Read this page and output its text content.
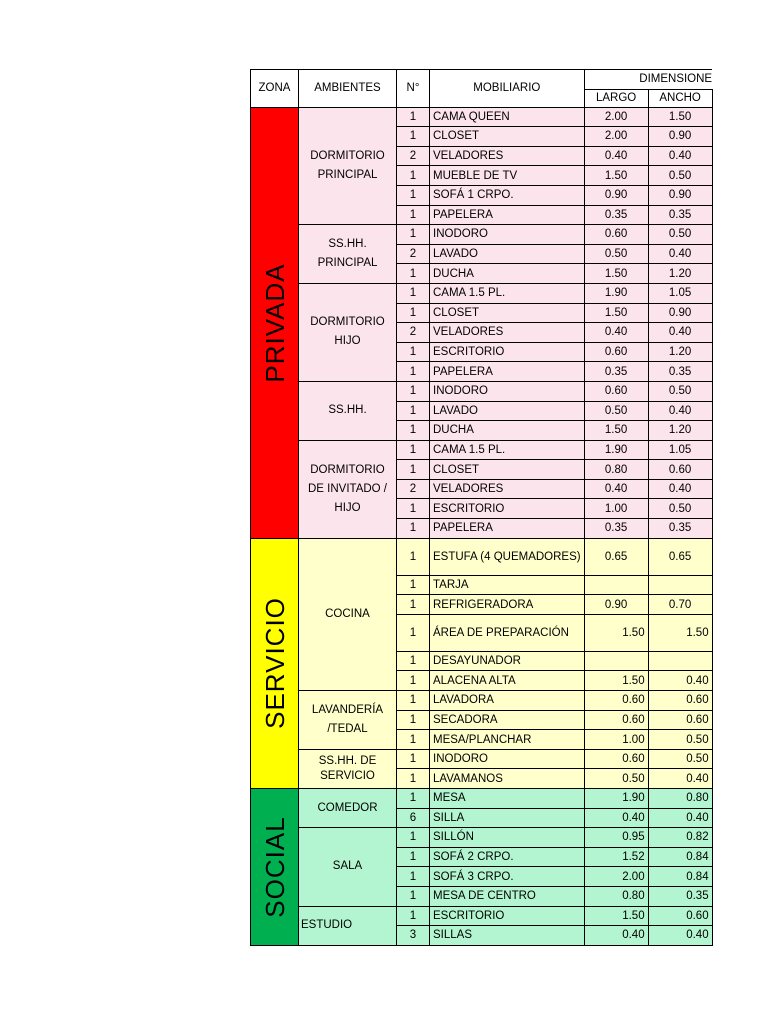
ZONA	AMBIENTES	N°	MOBILIARIO	DIMENSIONE	
				LARGO	ANCHO

PRIVADA	DORMITORIO PRINCIPAL	1	CAMA QUEEN	2.00	1.50
		1	CLOSET	2.00	0.90
		2	VELADORES	0.40	0.40
		1	MUEBLE DE TV	1.50	0.50
		1	SOFÁ 1 CRPO.	0.90	0.90
		1	PAPELERA	0.35	0.35
	SS.HH. PRINCIPAL	1	INODORO	0.60	0.50
		2	LAVADO	0.50	0.40
		1	DUCHA	1.50	1.20
	DORMITORIO HIJO	1	CAMA 1.5 PL.	1.90	1.05
		1	CLOSET	1.50	0.90
		2	VELADORES	0.40	0.40
		1	ESCRITORIO	0.60	1.20
		1	PAPELERA	0.35	0.35
	SS.HH.	1	INODORO	0.60	0.50
		1	LAVADO	0.50	0.40
		1	DUCHA	1.50	1.20
	DORMITORIO DE INVITADO / HIJO	1	CAMA 1.5 PL.	1.90	1.05
		1	CLOSET	0.80	0.60
		2	VELADORES	0.40	0.40
		1	ESCRITORIO	1.00	0.50
		1	PAPELERA	0.35	0.35

SERVICIO	COCINA	1	ESTUFA (4 QUEMADORES)	0.65	0.65
		1	TARJA		
		1	REFRIGERADORA	0.90	0.70
		1	ÁREA DE PREPARACIÓN	1.50	1.50
		1	DESAYUNADOR		
		1	ALACENA ALTA	1.50	0.40
	LAVANDERÍA /TEDAL	1	LAVADORA	0.60	0.60
		1	SECADORA	0.60	0.60
		1	MESA/PLANCHAR	1.00	0.50
	SS.HH. DE SERVICIO	1	INODORO	0.60	0.50
		1	LAVAMANOS	0.50	0.40

SOCIAL	COMEDOR	1	MESA	1.90	0.80
		6	SILLA	0.40	0.40
	SALA	1	SILLÓN	0.95	0.82
		1	SOFÁ 2 CRPO.	1.52	0.84
		1	SOFÁ 3 CRPO.	2.00	0.84
		1	MESA DE CENTRO	0.80	0.35
	ESTUDIO	1	ESCRITORIO	1.50	0.60
		3	SILLAS	0.40	0.40
